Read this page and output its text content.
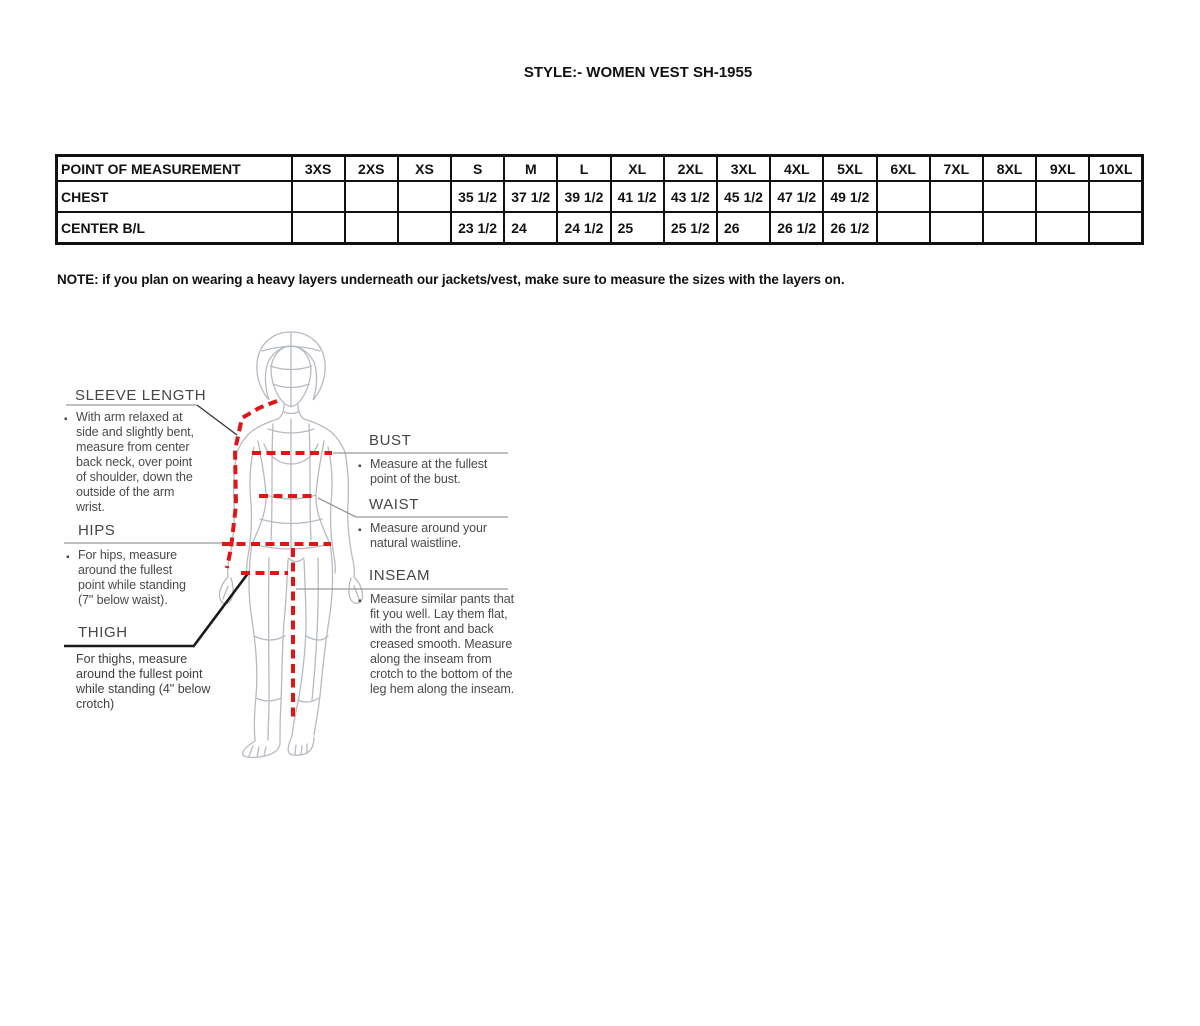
STYLE:- WOMEN VEST SH-1955
POINT OF MEASUREMENT	3XS	2XS	XS	S	M	L	XL	2XL	3XL	4XL	5XL	6XL	7XL	8XL	9XL	10XL
CHEST				35 1/2	37 1/2	39 1/2	41 1/2	43 1/2	45 1/2	47 1/2	49 1/2					
CENTER B/L				23 1/2	24	24 1/2	25	25 1/2	26	26 1/2	26 1/2					
NOTE: if you plan on wearing a heavy layers underneath our jackets/vest, make sure to measure the sizes with the layers on.
SLEEVE LENGTH
▪ With arm relaxed at side and slightly bent, measure from center back neck, over point of shoulder, down the outside of the arm wrist.
HIPS
▪ For hips, measure around the fullest point while standing (7" below waist).
THIGH
For thighs, measure around the fullest point while standing (4" below crotch)
BUST
▪ Measure at the fullest point of the bust.
WAIST
▪ Measure around your natural waistline.
INSEAM
▪ Measure similar pants that fit you well. Lay them flat, with the front and back creased smooth. Measure along the inseam from crotch to the bottom of the leg hem along the inseam.
